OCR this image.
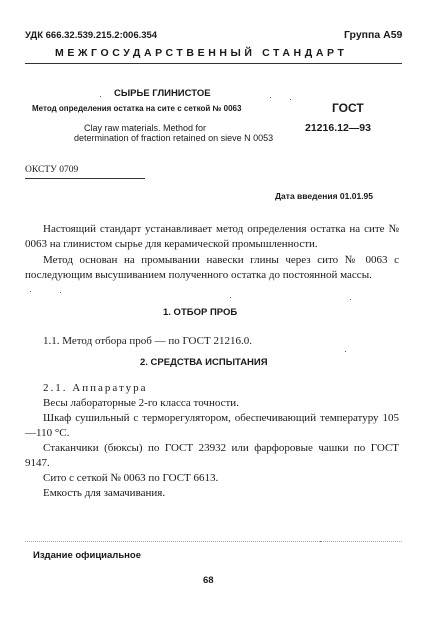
УДК 666.32.539.215.2:006.354	Группа А59
МЕЖГОСУДАРСТВЕННЫЙ СТАНДАРТ
СЫРЬЕ ГЛИНИСТОЕ
Метод определения остатка на сите с сеткой № 0063
Clay raw materials. Method for
determination of fraction retained on sieve N 0053
ГОСТ
21216.12—93
ОКСТУ 0709
Дата введения 01.01.95
Настоящий стандарт устанавливает метод определения остатка на сите № 0063 на глинистом сырье для керамической промышленности.
Метод основан на промывании навески глины через сито № 0063 с последующим высушиванием полученного остатка до постоянной массы.
1. ОТБОР ПРОБ
1.1. Метод отбора проб — по ГОСТ 21216.0.
2. СРЕДСТВА ИСПЫТАНИЯ
2.1. Аппаратура
Весы лабораторные 2-го класса точности.
Шкаф сушильный с терморегулятором, обеспечивающий температуру 105—110 °С.
Стаканчики (бюксы) по ГОСТ 23932 или фарфоровые чашки по ГОСТ 9147.
Сито с сеткой № 0063 по ГОСТ 6613.
Емкость для замачивания.
Издание официальное
68
